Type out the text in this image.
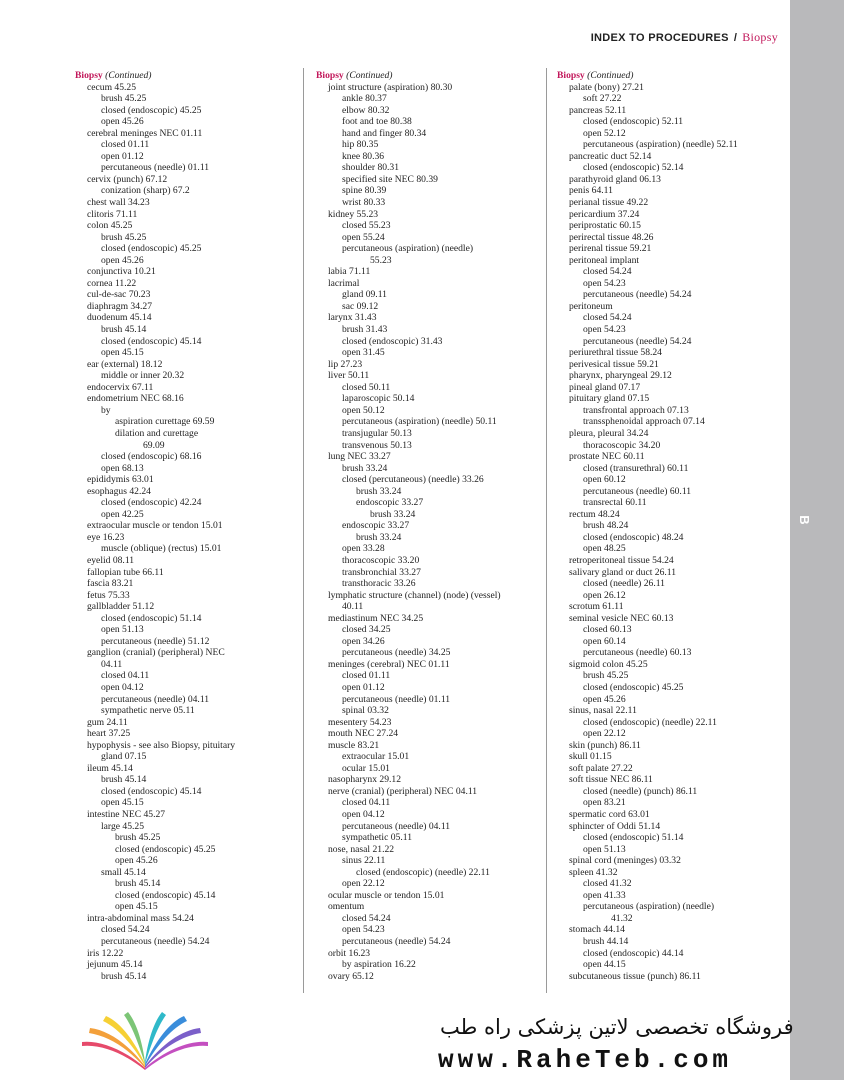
B
INDEX TO PROCEDURES / Biopsy
Biopsy (Continued)
cecum 45.25
brush 45.25
closed (endoscopic) 45.25
open 45.26
cerebral meninges NEC 01.11
closed 01.11
open 01.12
percutaneous (needle) 01.11
cervix (punch) 67.12
conization (sharp) 67.2
chest wall 34.23
clitoris 71.11
colon 45.25
brush 45.25
closed (endoscopic) 45.25
open 45.26
conjunctiva 10.21
cornea 11.22
cul-de-sac 70.23
diaphragm 34.27
duodenum 45.14
brush 45.14
closed (endoscopic) 45.14
open 45.15
ear (external) 18.12
middle or inner 20.32
endocervix 67.11
endometrium NEC 68.16
by
aspiration curettage 69.59
dilation and curettage
69.09
closed (endoscopic) 68.16
open 68.13
epididymis 63.01
esophagus 42.24
closed (endoscopic) 42.24
open 42.25
extraocular muscle or tendon 15.01
eye 16.23
muscle (oblique) (rectus) 15.01
eyelid 08.11
fallopian tube 66.11
fascia 83.21
fetus 75.33
gallbladder 51.12
closed (endoscopic) 51.14
open 51.13
percutaneous (needle) 51.12
ganglion (cranial) (peripheral) NEC
04.11
closed 04.11
open 04.12
percutaneous (needle) 04.11
sympathetic nerve 05.11
gum 24.11
heart 37.25
hypophysis - see also Biopsy, pituitary
gland 07.15
ileum 45.14
brush 45.14
closed (endoscopic) 45.14
open 45.15
intestine NEC 45.27
large 45.25
brush 45.25
closed (endoscopic) 45.25
open 45.26
small 45.14
brush 45.14
closed (endoscopic) 45.14
open 45.15
intra-abdominal mass 54.24
closed 54.24
percutaneous (needle) 54.24
iris 12.22
jejunum 45.14
brush 45.14
Biopsy (Continued)
joint structure (aspiration) 80.30
ankle 80.37
elbow 80.32
foot and toe 80.38
hand and finger 80.34
hip 80.35
knee 80.36
shoulder 80.31
specified site NEC 80.39
spine 80.39
wrist 80.33
kidney 55.23
closed 55.23
open 55.24
percutaneous (aspiration) (needle)
55.23
labia 71.11
lacrimal
gland 09.11
sac 09.12
larynx 31.43
brush 31.43
closed (endoscopic) 31.43
open 31.45
lip 27.23
liver 50.11
closed 50.11
laparoscopic 50.14
open 50.12
percutaneous (aspiration) (needle) 50.11
transjugular 50.13
transvenous 50.13
lung NEC 33.27
brush 33.24
closed (percutaneous) (needle) 33.26
brush 33.24
endoscopic 33.27
brush 33.24
endoscopic 33.27
brush 33.24
open 33.28
thoracoscopic 33.20
transbronchial 33.27
transthoracic 33.26
lymphatic structure (channel) (node) (vessel)
40.11
mediastinum NEC 34.25
closed 34.25
open 34.26
percutaneous (needle) 34.25
meninges (cerebral) NEC 01.11
closed 01.11
open 01.12
percutaneous (needle) 01.11
spinal 03.32
mesentery 54.23
mouth NEC 27.24
muscle 83.21
extraocular 15.01
ocular 15.01
nasopharynx 29.12
nerve (cranial) (peripheral) NEC 04.11
closed 04.11
open 04.12
percutaneous (needle) 04.11
sympathetic 05.11
nose, nasal 21.22
sinus 22.11
closed (endoscopic) (needle) 22.11
open 22.12
ocular muscle or tendon 15.01
omentum
closed 54.24
open 54.23
percutaneous (needle) 54.24
orbit 16.23
by aspiration 16.22
ovary 65.12
Biopsy (Continued)
palate (bony) 27.21
soft 27.22
pancreas 52.11
closed (endoscopic) 52.11
open 52.12
percutaneous (aspiration) (needle) 52.11
pancreatic duct 52.14
closed (endoscopic) 52.14
parathyroid gland 06.13
penis 64.11
perianal tissue 49.22
pericardium 37.24
periprostatic 60.15
perirectal tissue 48.26
perirenal tissue 59.21
peritoneal implant
closed 54.24
open 54.23
percutaneous (needle) 54.24
peritoneum
closed 54.24
open 54.23
percutaneous (needle) 54.24
periurethral tissue 58.24
perivesical tissue 59.21
pharynx, pharyngeal 29.12
pineal gland 07.17
pituitary gland 07.15
transfrontal approach 07.13
transsphenoidal approach 07.14
pleura, pleural 34.24
thoracoscopic 34.20
prostate NEC 60.11
closed (transurethral) 60.11
open 60.12
percutaneous (needle) 60.11
transrectal 60.11
rectum 48.24
brush 48.24
closed (endoscopic) 48.24
open 48.25
retroperitoneal tissue 54.24
salivary gland or duct 26.11
closed (needle) 26.11
open 26.12
scrotum 61.11
seminal vesicle NEC 60.13
closed 60.13
open 60.14
percutaneous (needle) 60.13
sigmoid colon 45.25
brush 45.25
closed (endoscopic) 45.25
open 45.26
sinus, nasal 22.11
closed (endoscopic) (needle) 22.11
open 22.12
skin (punch) 86.11
skull 01.15
soft palate 27.22
soft tissue NEC 86.11
closed (needle) (punch) 86.11
open 83.21
spermatic cord 63.01
sphincter of Oddi 51.14
closed (endoscopic) 51.14
open 51.13
spinal cord (meninges) 03.32
spleen 41.32
closed 41.32
open 41.33
percutaneous (aspiration) (needle)
41.32
stomach 44.14
brush 44.14
closed (endoscopic) 44.14
open 44.15
subcutaneous tissue (punch) 86.11
فروشگاه تخصصی لاتین پزشکی راه طب
www.RaheTeb.com
